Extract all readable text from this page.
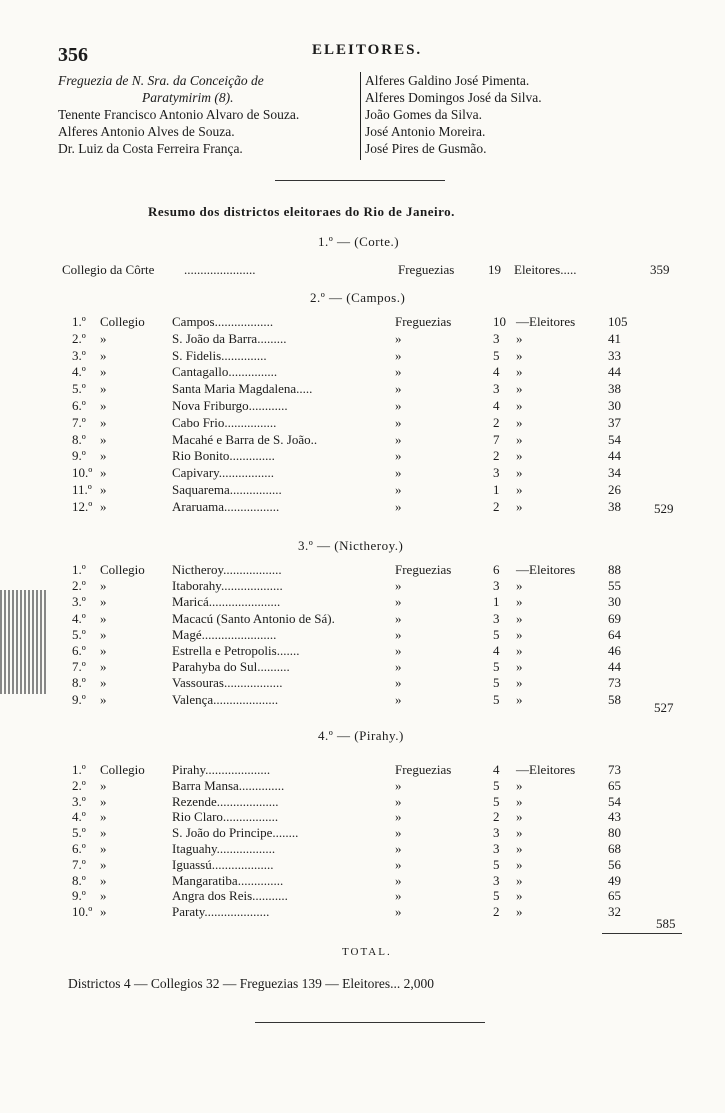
356	ELEITORES.
Freguezia de N. Sra. da Conceição de
Paratymirim (8).
Tenente Francisco Antonio Alvaro de Souza.
Alferes Antonio Alves de Souza.
Dr. Luiz da Costa Ferreira França.
Alferes Galdino José Pimenta.
Alferes Domingos José da Silva.
João Gomes da Silva.
José Antonio Moreira.
José Pires de Gusmão.
Resumo dos districtos eleitoraes do Rio de Janeiro.
1.º — (Corte.)
Collegio da Côrte ......................	Freguezias	19 Eleitores.....	359
2.º — (Campos.)
1.º Collegio Campos..................	Freguezias	10 —Eleitores	105
2.º »	S. João da Barra.........	»	3 »	41
3.º »	S. Fidelis..............	»	5 »	33
4.º »	Cantagallo...............	»	4 »	44
5.º »	Santa Maria Magdalena.....	»	3 »	38
6.º »	Nova Friburgo............	»	4 »	30
7.º »	Cabo Frio................	»	2 »	37
8.º »	Macahé e Barra de S. João..	»	7 »	54
9.º »	Rio Bonito..............	»	2 »	44
10.º »	Capivary.................	»	3 »	34
11.º »	Saquarema................	»	1 »	26
12.º »	Araruama.................	»	2 »	38	529
3.º — (Nictheroy.)
1.º Collegio Nictheroy..................	Freguezias	6 —Eleitores	88
2.º »	Itaborahy...................	»	3 »	55
3.º »	Maricá......................	»	1 »	30
4.º »	Macacú (Santo Antonio de Sá).	»	3 »	69
5.º »	Magé.......................	»	5 »	64
6.º »	Estrella e Petropolis.......	»	4 »	46
7.º »	Parahyba do Sul..........	»	5 »	44
8.º »	Vassouras..................	»	5 »	73
9.º »	Valença....................	»	5 »	58
527
4.º — (Pirahy.)
1.º Collegio Pirahy....................	Freguezias	4 —Eleitores	73
2.º »	Barra Mansa..............	»	5 »	65
3.º »	Rezende...................	»	5 »	54
4.º »	Rio Claro.................	»	2 »	43
5.º »	S. João do Principe........	»	3 »	80
6.º »	Itaguahy..................	»	3 »	68
7.º »	Iguassú...................	»	5 »	56
8.º »	Mangaratiba..............	»	3 »	49
9.º »	Angra dos Reis...........	»	5 »	65
10.º »	Paraty....................	»	2 »	32
585
TOTAL.
Districtos 4 — Collegios 32 — Freguezias 139 — Eleitores... 2,000
